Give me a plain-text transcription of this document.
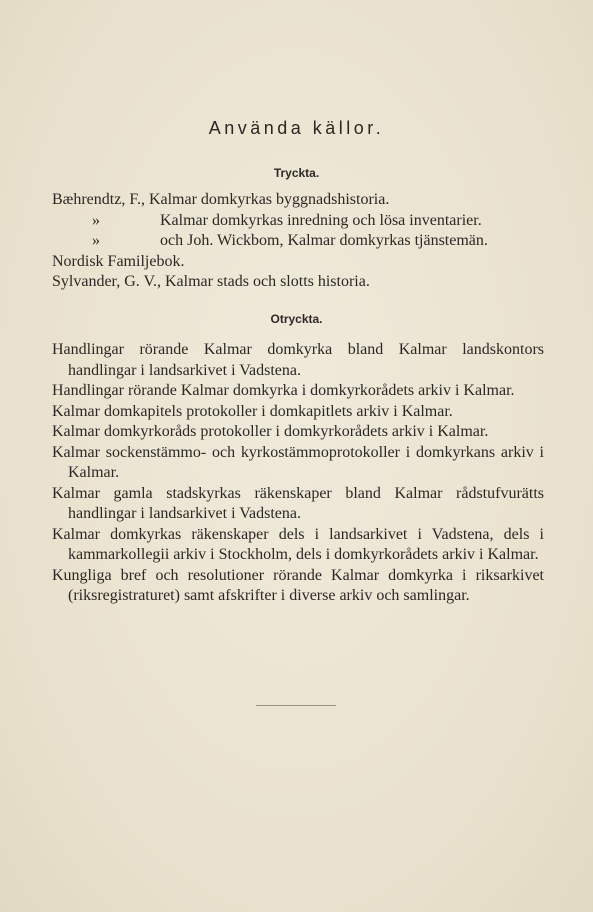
Använda källor.
Tryckta.
Bæhrendtz, F., Kalmar domkyrkas byggnadshistoria.
»	Kalmar domkyrkas inredning och lösa inventarier.
»	och Joh. Wickbom, Kalmar domkyrkas tjänstemän.
Nordisk Familjebok.
Sylvander, G. V., Kalmar stads och slotts historia.
Otryckta.
Handlingar rörande Kalmar domkyrka bland Kalmar landskontors handlingar i landsarkivet i Vadstena.
Handlingar rörande Kalmar domkyrka i domkyrkorådets arkiv i Kalmar.
Kalmar domkapitels protokoller i domkapitlets arkiv i Kalmar.
Kalmar domkyrkoråds protokoller i domkyrkorådets arkiv i Kalmar.
Kalmar sockenstämmo- och kyrkostämmoprotokoller i domkyrkans arkiv i Kalmar.
Kalmar gamla stadskyrkas räkenskaper bland Kalmar rådstufvurätts handlingar i landsarkivet i Vadstena.
Kalmar domkyrkas räkenskaper dels i landsarkivet i Vadstena, dels i kammarkollegii arkiv i Stockholm, dels i domkyrkorådets arkiv i Kalmar.
Kungliga bref och resolutioner rörande Kalmar domkyrka i riksarkivet (riksregistraturet) samt afskrifter i diverse arkiv och samlingar.
